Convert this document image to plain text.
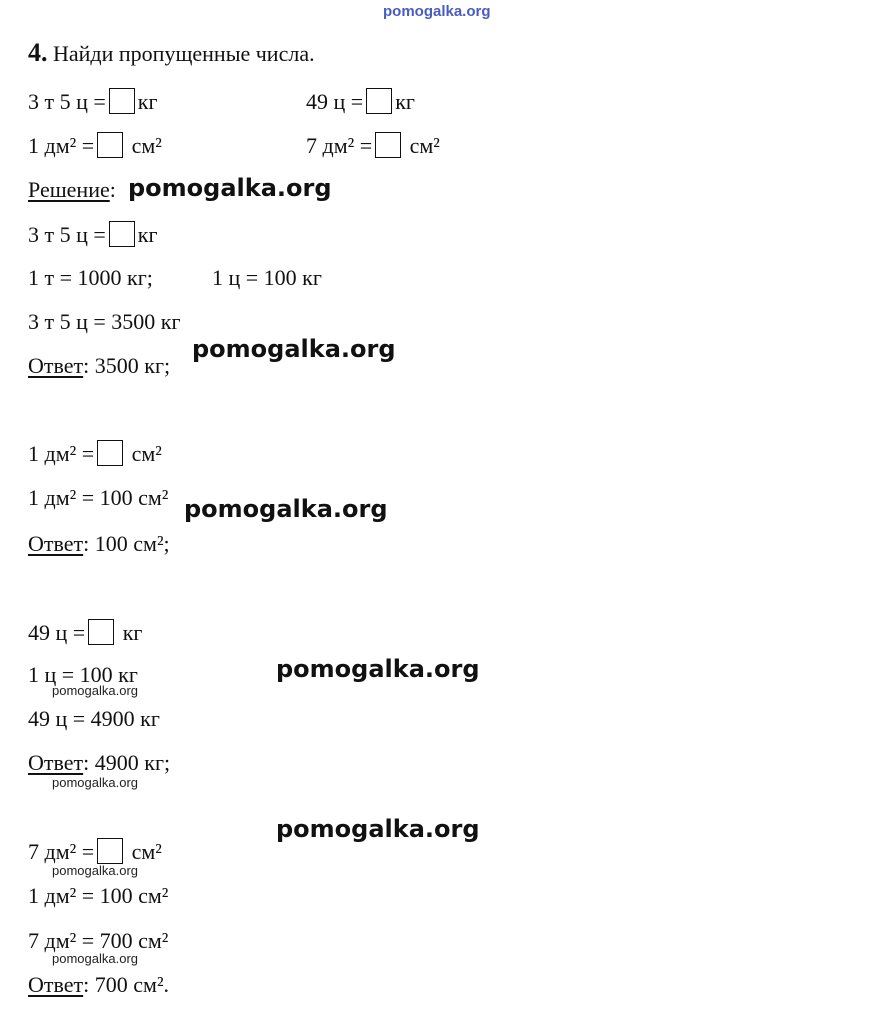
pomogalka.org
4. Найди пропущенные числа.
3 т 5 ц = кг	49 ц = кг
1 дм² = см²	7 дм² = см²
Решение: pomogalka.org
3 т 5 ц = кг
1 т = 1000 кг;	1 ц = 100 кг
3 т 5 ц = 3500 кг
Ответ: 3500 кг;
pomogalka.org
1 дм² = см²
1 дм² = 100 см² pomogalka.org
Ответ: 100 см²;
49 ц = кг
pomogalka.org
1 ц = 100 кг
pomogalka.org
49 ц = 4900 кг
Ответ: 4900 кг;
pomogalka.org
pomogalka.org
7 дм² = см²
pomogalka.org
1 дм² = 100 см²
7 дм² = 700 см²
pomogalka.org
Ответ: 700 см².
